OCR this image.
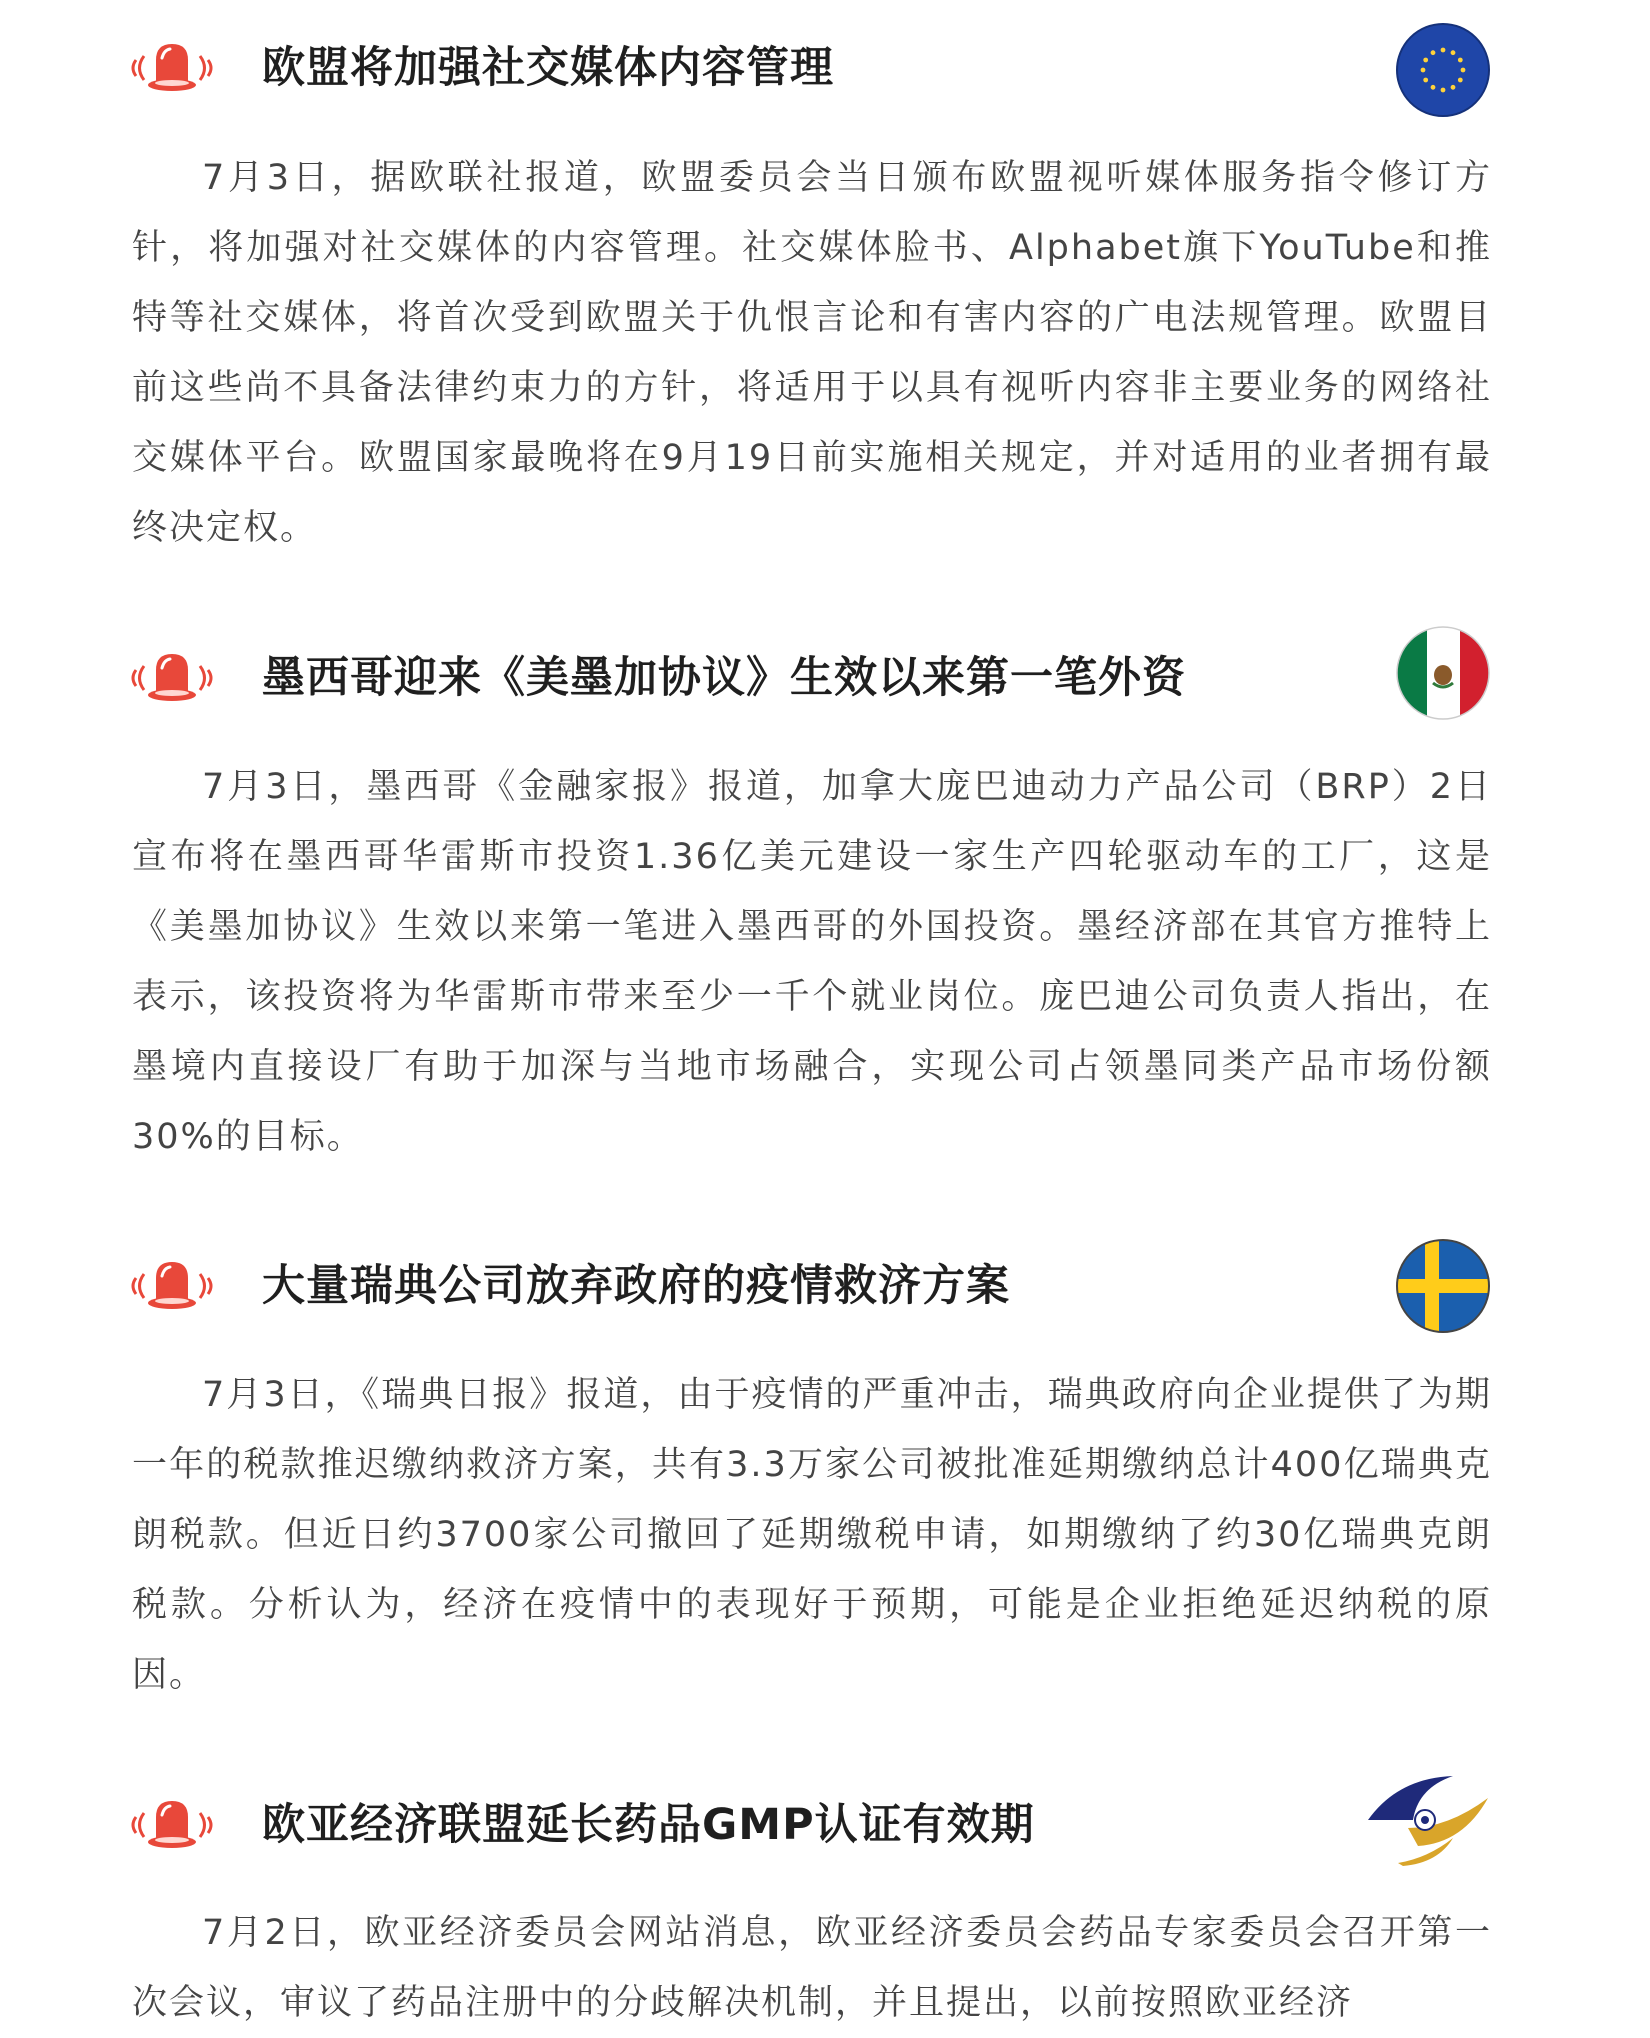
欧盟将加强社交媒体内容管理

7月3日，据欧联社报道，欧盟委员会当日颁布欧盟视听媒体服务指令修订方针，将加强对社交媒体的内容管理。社交媒体脸书、Alphabet旗下YouTube和推特等社交媒体，将首次受到欧盟关于仇恨言论和有害内容的广电法规管理。欧盟目前这些尚不具备法律约束力的方针，将适用于以具有视听内容非主要业务的网络社交媒体平台。欧盟国家最晚将在9月19日前实施相关规定，并对适用的业者拥有最终决定权。

墨西哥迎来《美墨加协议》生效以来第一笔外资

7月3日，墨西哥《金融家报》报道，加拿大庞巴迪动力产品公司（BRP）2日宣布将在墨西哥华雷斯市投资1.36亿美元建设一家生产四轮驱动车的工厂，这是《美墨加协议》生效以来第一笔进入墨西哥的外国投资。墨经济部在其官方推特上表示，该投资将为华雷斯市带来至少一千个就业岗位。庞巴迪公司负责人指出，在墨境内直接设厂有助于加深与当地市场融合，实现公司占领墨同类产品市场份额30%的目标。

大量瑞典公司放弃政府的疫情救济方案

7月3日，《瑞典日报》报道，由于疫情的严重冲击，瑞典政府向企业提供了为期一年的税款推迟缴纳救济方案，共有3.3万家公司被批准延期缴纳总计400亿瑞典克朗税款。但近日约3700家公司撤回了延期缴税申请，如期缴纳了约30亿瑞典克朗税款。分析认为，经济在疫情中的表现好于预期，可能是企业拒绝延迟纳税的原因。

欧亚经济联盟延长药品GMP认证有效期

7月2日，欧亚经济委员会网站消息，欧亚经济委员会药品专家委员会召开第一次会议，审议了药品注册中的分歧解决机制，并且提出，以前按照欧亚经济
